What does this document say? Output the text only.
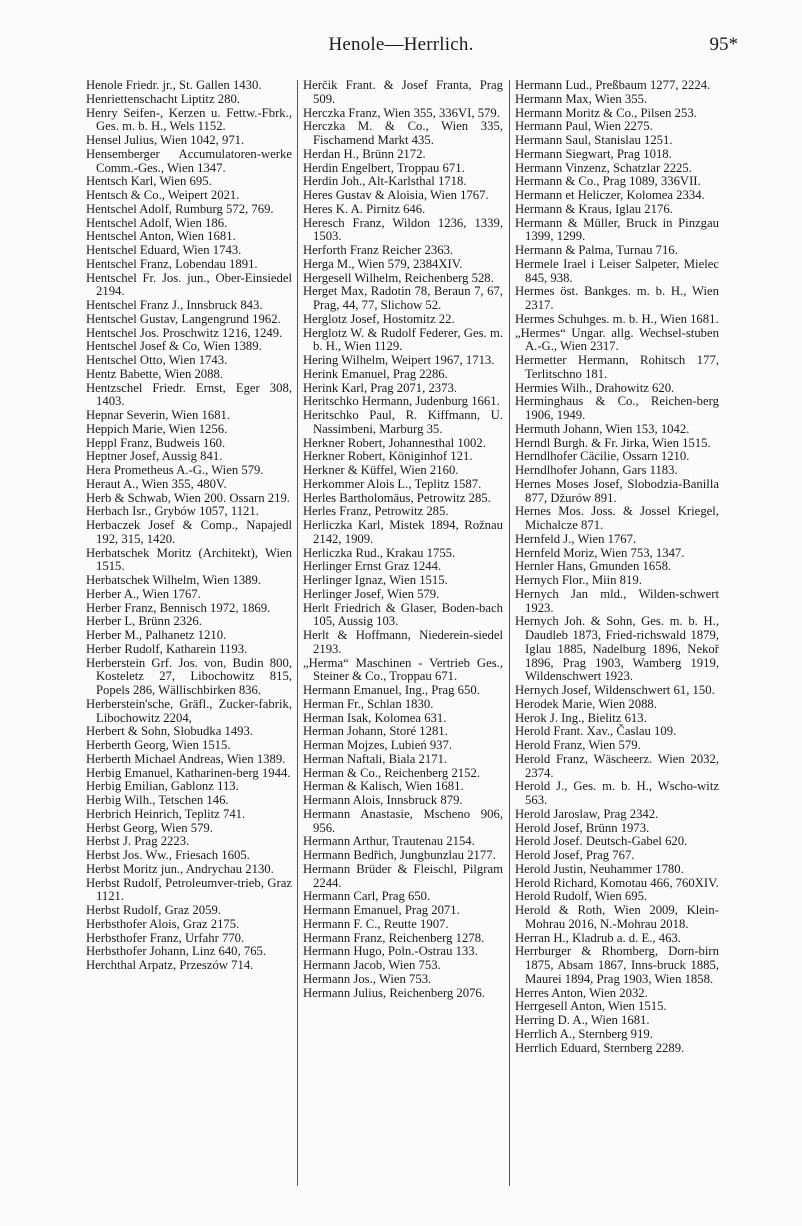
Henole—Herrlich.	95*
Henole Friedr. jr., St. Gallen 1430.
Henriettenschacht Liptitz 280.
Henry Seifen-, Kerzen u. Fettw.-Fbrk., Ges. m. b. H., Wels 1152.
Hensel Julius, Wien 1042, 971.
Hensemberger Accumulatoren-werke Comm.-Ges., Wien 1347.
Hentsch Karl, Wien 695.
Hentsch & Co., Weipert 2021.
Hentschel Adolf, Rumburg 572, 769.
Hentschel Adolf, Wien 186.
Hentschel Anton, Wien 1681.
Hentschel Eduard, Wien 1743.
Hentschel Franz, Lobendau 1891.
Hentschel Fr. Jos. jun., Ober-Einsiedel 2194.
Hentschel Franz J., Innsbruck 843.
Hentschel Gustav, Langengrund 1962.
Hentschel Jos. Proschwitz 1216, 1249.
Hentschel Josef & Co, Wien 1389.
Hentschel Otto, Wien 1743.
Hentz Babette, Wien 2088.
Hentzschel Friedr. Ernst, Eger 308, 1403.
Hepnar Severin, Wien 1681.
Heppich Marie, Wien 1256.
Heppl Franz, Budweis 160.
Heptner Josef, Aussig 841.
Hera Prometheus A.-G., Wien 579.
Heraut A., Wien 355, 480V.
Herb & Schwab, Wien 200. Ossarn 219.
Herbach Isr., Grybów 1057, 1121.
Herbaczek Josef & Comp., Napajedl 192, 315, 1420.
Herbatschek Moritz (Architekt), Wien 1515.
Herbatschek Wilhelm, Wien 1389.
Herber A., Wien 1767.
Herber Franz, Bennisch 1972, 1869.
Herber L, Brünn 2326.
Herber M., Palhanetz 1210.
Herber Rudolf, Katharein 1193.
Herberstein Grf. Jos. von, Budin 800, Kosteletz 27, Libochowitz 815, Popels 286, Wällischbirken 836.
Herberstein'sche, Gräfl., Zucker-fabrik, Libochowitz 2204,
Herbert & Sohn, Slobudka 1493.
Herberth Georg, Wien 1515.
Herberth Michael Andreas, Wien 1389.
Herbig Emanuel, Katharinen-berg 1944.
Herbig Emilian, Gablonz 113.
Herbig Wilh., Tetschen 146.
Herbrich Heinrich, Teplitz 741.
Herbst Georg, Wien 579.
Herbst J. Prag 2223.
Herbst Jos. Ww., Friesach 1605.
Herbst Moritz jun., Andrychau 2130.
Herbst Rudolf, Petroleumver-trieb, Graz 1121.
Herbst Rudolf, Graz 2059.
Herbsthofer Alois, Graz 2175.
Herbsthofer Franz, Urfahr 770.
Herbsthofer Johann, Linz 640, 765.
Herchthal Arpatz, Przeszów 714.
Herčik Frant. & Josef Franta, Prag 509.
Herczka Franz, Wien 355, 336VI, 579.
Herczka M. & Co., Wien 335, Fischamend Markt 435.
Herdan H., Brünn 2172.
Herdin Engelbert, Troppau 671.
Herdin Joh., Alt-Karlsthal 1718.
Heres Gustav & Aloisia, Wien 1767.
Heres K. A. Pirnitz 646.
Heresch Franz, Wildon 1236, 1339, 1503.
Herforth Franz Reicher 2363.
Herga M., Wien 579, 2384XIV.
Hergesell Wilhelm, Reichenberg 528.
Herget Max, Radotin 78, Beraun 7, 67, Prag, 44, 77, Slichow 52.
Herglotz Josef, Hostomitz 22.
Herglotz W. & Rudolf Federer, Ges. m. b. H., Wien 1129.
Hering Wilhelm, Weipert 1967, 1713.
Herink Emanuel, Prag 2286.
Herink Karl, Prag 2071, 2373.
Heritschko Hermann, Judenburg 1661.
Heritschko Paul, R. Kiffmann, U. Nassimbeni, Marburg 35.
Herkner Robert, Johannesthal 1002.
Herkner Robert, Königinhof 121.
Herkner & Küffel, Wien 2160.
Herkommer Alois L., Teplitz 1587.
Herles Bartholomäus, Petrowitz 285.
Herles Franz, Petrowitz 285.
Herliczka Karl, Mistek 1894, Rožnau 2142, 1909.
Herliczka Rud., Krakau 1755.
Herlinger Ernst Graz 1244.
Herlinger Ignaz, Wien 1515.
Herlinger Josef, Wien 579.
Herlt Friedrich & Glaser, Boden-bach 105, Aussig 103.
Herlt & Hoffmann, Niederein-siedel 2193.
„Herma“ Maschinen - Vertrieb Ges., Steiner & Co., Troppau 671.
Hermann Emanuel, Ing., Prag 650.
Herman Fr., Schlan 1830.
Herman Isak, Kolomea 631.
Herman Johann, Storé 1281.
Herman Mojzes, Lubień 937.
Herman Naftali, Biala 2171.
Herman & Co., Reichenberg 2152.
Herman & Kalisch, Wien 1681.
Hermann Alois, Innsbruck 879.
Hermann Anastasie, Mscheno 906, 956.
Hermann Arthur, Trautenau 2154.
Hermann Bedřich, Jungbunzlau 2177.
Hermann Brüder & Fleischl, Pilgram 2244.
Hermann Carl, Prag 650.
Hermann Emanuel, Prag 2071.
Hermann F. C., Reutte 1907.
Hermann Franz, Reichenberg 1278.
Hermann Hugo, Poln.-Ostrau 133.
Hermann Jacob, Wien 753.
Hermann Jos., Wien 753.
Hermann Julius, Reichenberg 2076.
Hermann Lud., Preßbaum 1277, 2224.
Hermann Max, Wien 355.
Hermann Moritz & Co., Pilsen 253.
Hermann Paul, Wien 2275.
Hermann Saul, Stanislau 1251.
Hermann Siegwart, Prag 1018.
Hermann Vinzenz, Schatzlar 2225.
Hermann & Co., Prag 1089, 336VII.
Hermann et Heliczer, Kolomea 2334.
Hermann & Kraus, Iglau 2176.
Hermann & Müller, Bruck in Pinzgau 1399, 1299.
Hermann & Palma, Turnau 716.
Hermele Irael i Leiser Salpeter, Mielec 845, 938.
Hermes öst. Bankges. m. b. H., Wien 2317.
Hermes Schuhges. m. b. H., Wien 1681.
„Hermes“ Ungar. allg. Wechsel-stuben A.-G., Wien 2317.
Hermetter Hermann, Rohitsch 177, Terlitschno 181.
Hermies Wilh., Drahowitz 620.
Herminghaus & Co., Reichen-berg 1906, 1949.
Hermuth Johann, Wien 153, 1042.
Herndl Burgh. & Fr. Jirka, Wien 1515.
Herndlhofer Cäcilie, Ossarn 1210.
Herndlhofer Johann, Gars 1183.
Hernes Moses Josef, Slobodzia-Banilla 877, Džurów 891.
Hernes Mos. Joss. & Jossel Kriegel, Michalcze 871.
Hernfeld J., Wien 1767.
Hernfeld Moriz, Wien 753, 1347.
Hernler Hans, Gmunden 1658.
Hernych Flor., Miin 819.
Hernych Jan mld., Wilden-schwert 1923.
Hernych Joh. & Sohn, Ges. m. b. H., Daudleb 1873, Fried-richswald 1879, Iglau 1885, Nadelburg 1896, Nekoř 1896, Prag 1903, Wamberg 1919, Wildenschwert 1923.
Hernych Josef, Wildenschwert 61, 150.
Herodek Marie, Wien 2088.
Herok J. Ing., Bielitz 613.
Herold Frant. Xav., Časlau 109.
Herold Franz, Wien 579.
Herold Franz, Wäscheerz. Wien 2032, 2374.
Herold J., Ges. m. b. H., Wscho-witz 563.
Herold Jaroslaw, Prag 2342.
Herold Josef, Brünn 1973.
Herold Josef. Deutsch-Gabel 620.
Herold Josef, Prag 767.
Herold Justin, Neuhammer 1780.
Herold Richard, Komotau 466, 760XIV.
Herold Rudolf, Wien 695.
Herold & Roth, Wien 2009, Klein-Mohrau 2016, N.-Mohrau 2018.
Herran H., Kladrub a. d. E., 463.
Herrburger & Rhomberg, Dorn-birn 1875, Absam 1867, Inns-bruck 1885, Maurei 1894, Prag 1903, Wien 1858.
Herres Anton, Wien 2032.
Herrgesell Anton, Wien 1515.
Herring D. A., Wien 1681.
Herrlich A., Sternberg 919.
Herrlich Eduard, Sternberg 2289.
